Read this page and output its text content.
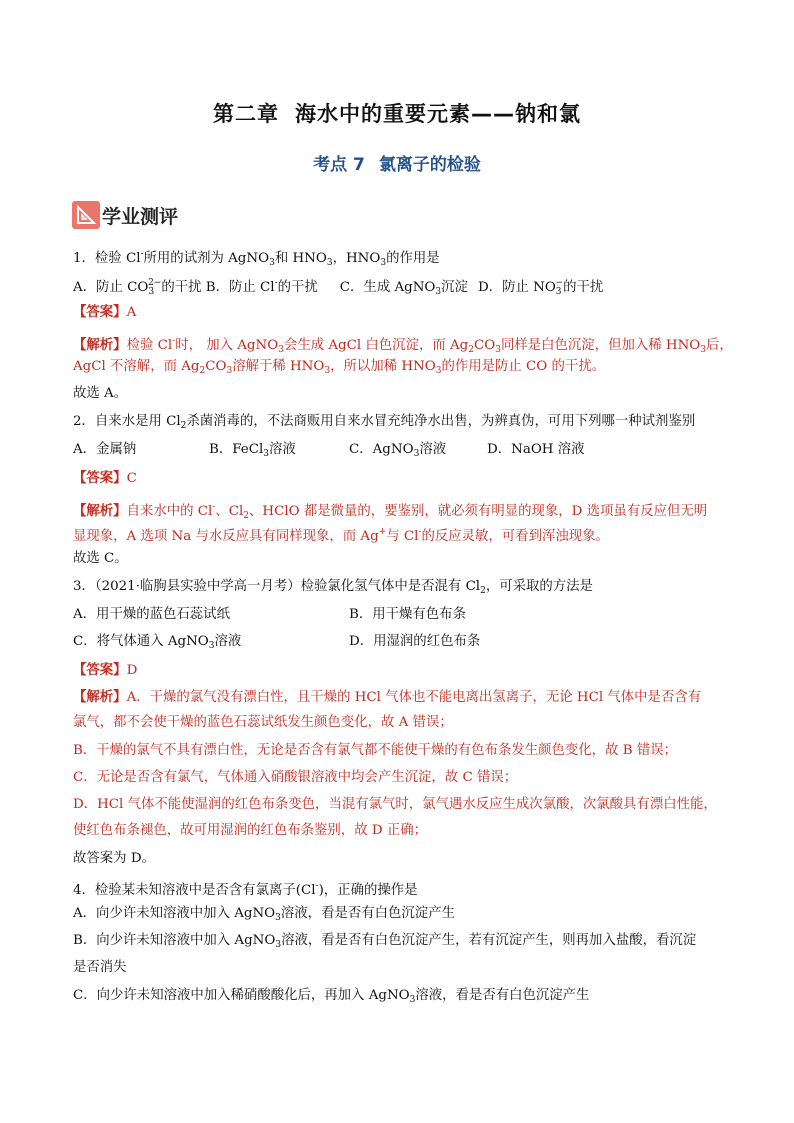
第二章 海水中的重要元素——钠和氯
考点 7 氯离子的检验
学业测评
1．检验 Cl-所用的试剂为 AgNO$_3$和 $HNO_3$，$HNO_3$的作用是
A．防止 $CO_3^{2-}$的干扰 B．防止 Cl-的干扰 C．生成 AgNO$_3$沉淀 D．防止 $NO_3^-$的干扰
【答案】A
【解析】检验 Cl-时， 加入 AgNO$_3$会生成 AgCl 白色沉淀，而 $Ag_2CO_3$同样是白色沉淀，但加入稀 $HNO_3$后，
AgCl 不溶解，而 $Ag_2CO_3$溶解于稀 $HNO_3$，所以加稀 $HNO_3$的作用是防止 CO 的干扰。
故选 A。
2．自来水是用 $Cl_2$杀菌消毒的，不法商贩用自来水冒充纯净水出售，为辨真伪，可用下列哪一种试剂鉴别
A．金属钠	B．FeCl$_3$溶液	C．AgNO$_3$溶液	D．NaOH 溶液
【答案】C
【解析】自来水中的 Cl-、$Cl_2$、HClO 都是微量的，要鉴别，就必须有明显的现象，D 选项虽有反应但无明
显现象，A 选项 Na 与水反应具有同样现象，而 Ag+与 Cl-的反应灵敏，可看到浑浊现象。
故选 C。
3．（2021·临朐县实验中学高一月考）检验氯化氢气体中是否混有 $Cl_2$，可采取的方法是
A．用干燥的蓝色石蕊试纸	B．用干燥有色布条
C．将气体通入 AgNO$_3$溶液	D．用湿润的红色布条
【答案】D
【解析】A．干燥的氯气没有漂白性，且干燥的 HCl 气体也不能电离出氢离子，无论 HCl 气体中是否含有
氯气，都不会使干燥的蓝色石蕊试纸发生颜色变化，故 A 错误；
B．干燥的氯气不具有漂白性，无论是否含有氯气都不能使干燥的有色布条发生颜色变化，故 B 错误；
C．无论是否含有氯气，气体通入硝酸银溶液中均会产生沉淀，故 C 错误；
D．HCl 气体不能使湿润的红色布条变色，当混有氯气时，氯气遇水反应生成次氯酸，次氯酸具有漂白性能，
使红色布条褪色，故可用湿润的红色布条鉴别，故 D 正确；
故答案为 D。
4．检验某未知溶液中是否含有氯离子(Cl-)，正确的操作是
A．向少许未知溶液中加入 AgNO$_3$溶液，看是否有白色沉淀产生
B．向少许未知溶液中加入 AgNO$_3$溶液，看是否有白色沉淀产生，若有沉淀产生，则再加入盐酸，看沉淀
是否消失
C．向少许未知溶液中加入稀硝酸酸化后，再加入 AgNO$_3$溶液，看是否有白色沉淀产生
